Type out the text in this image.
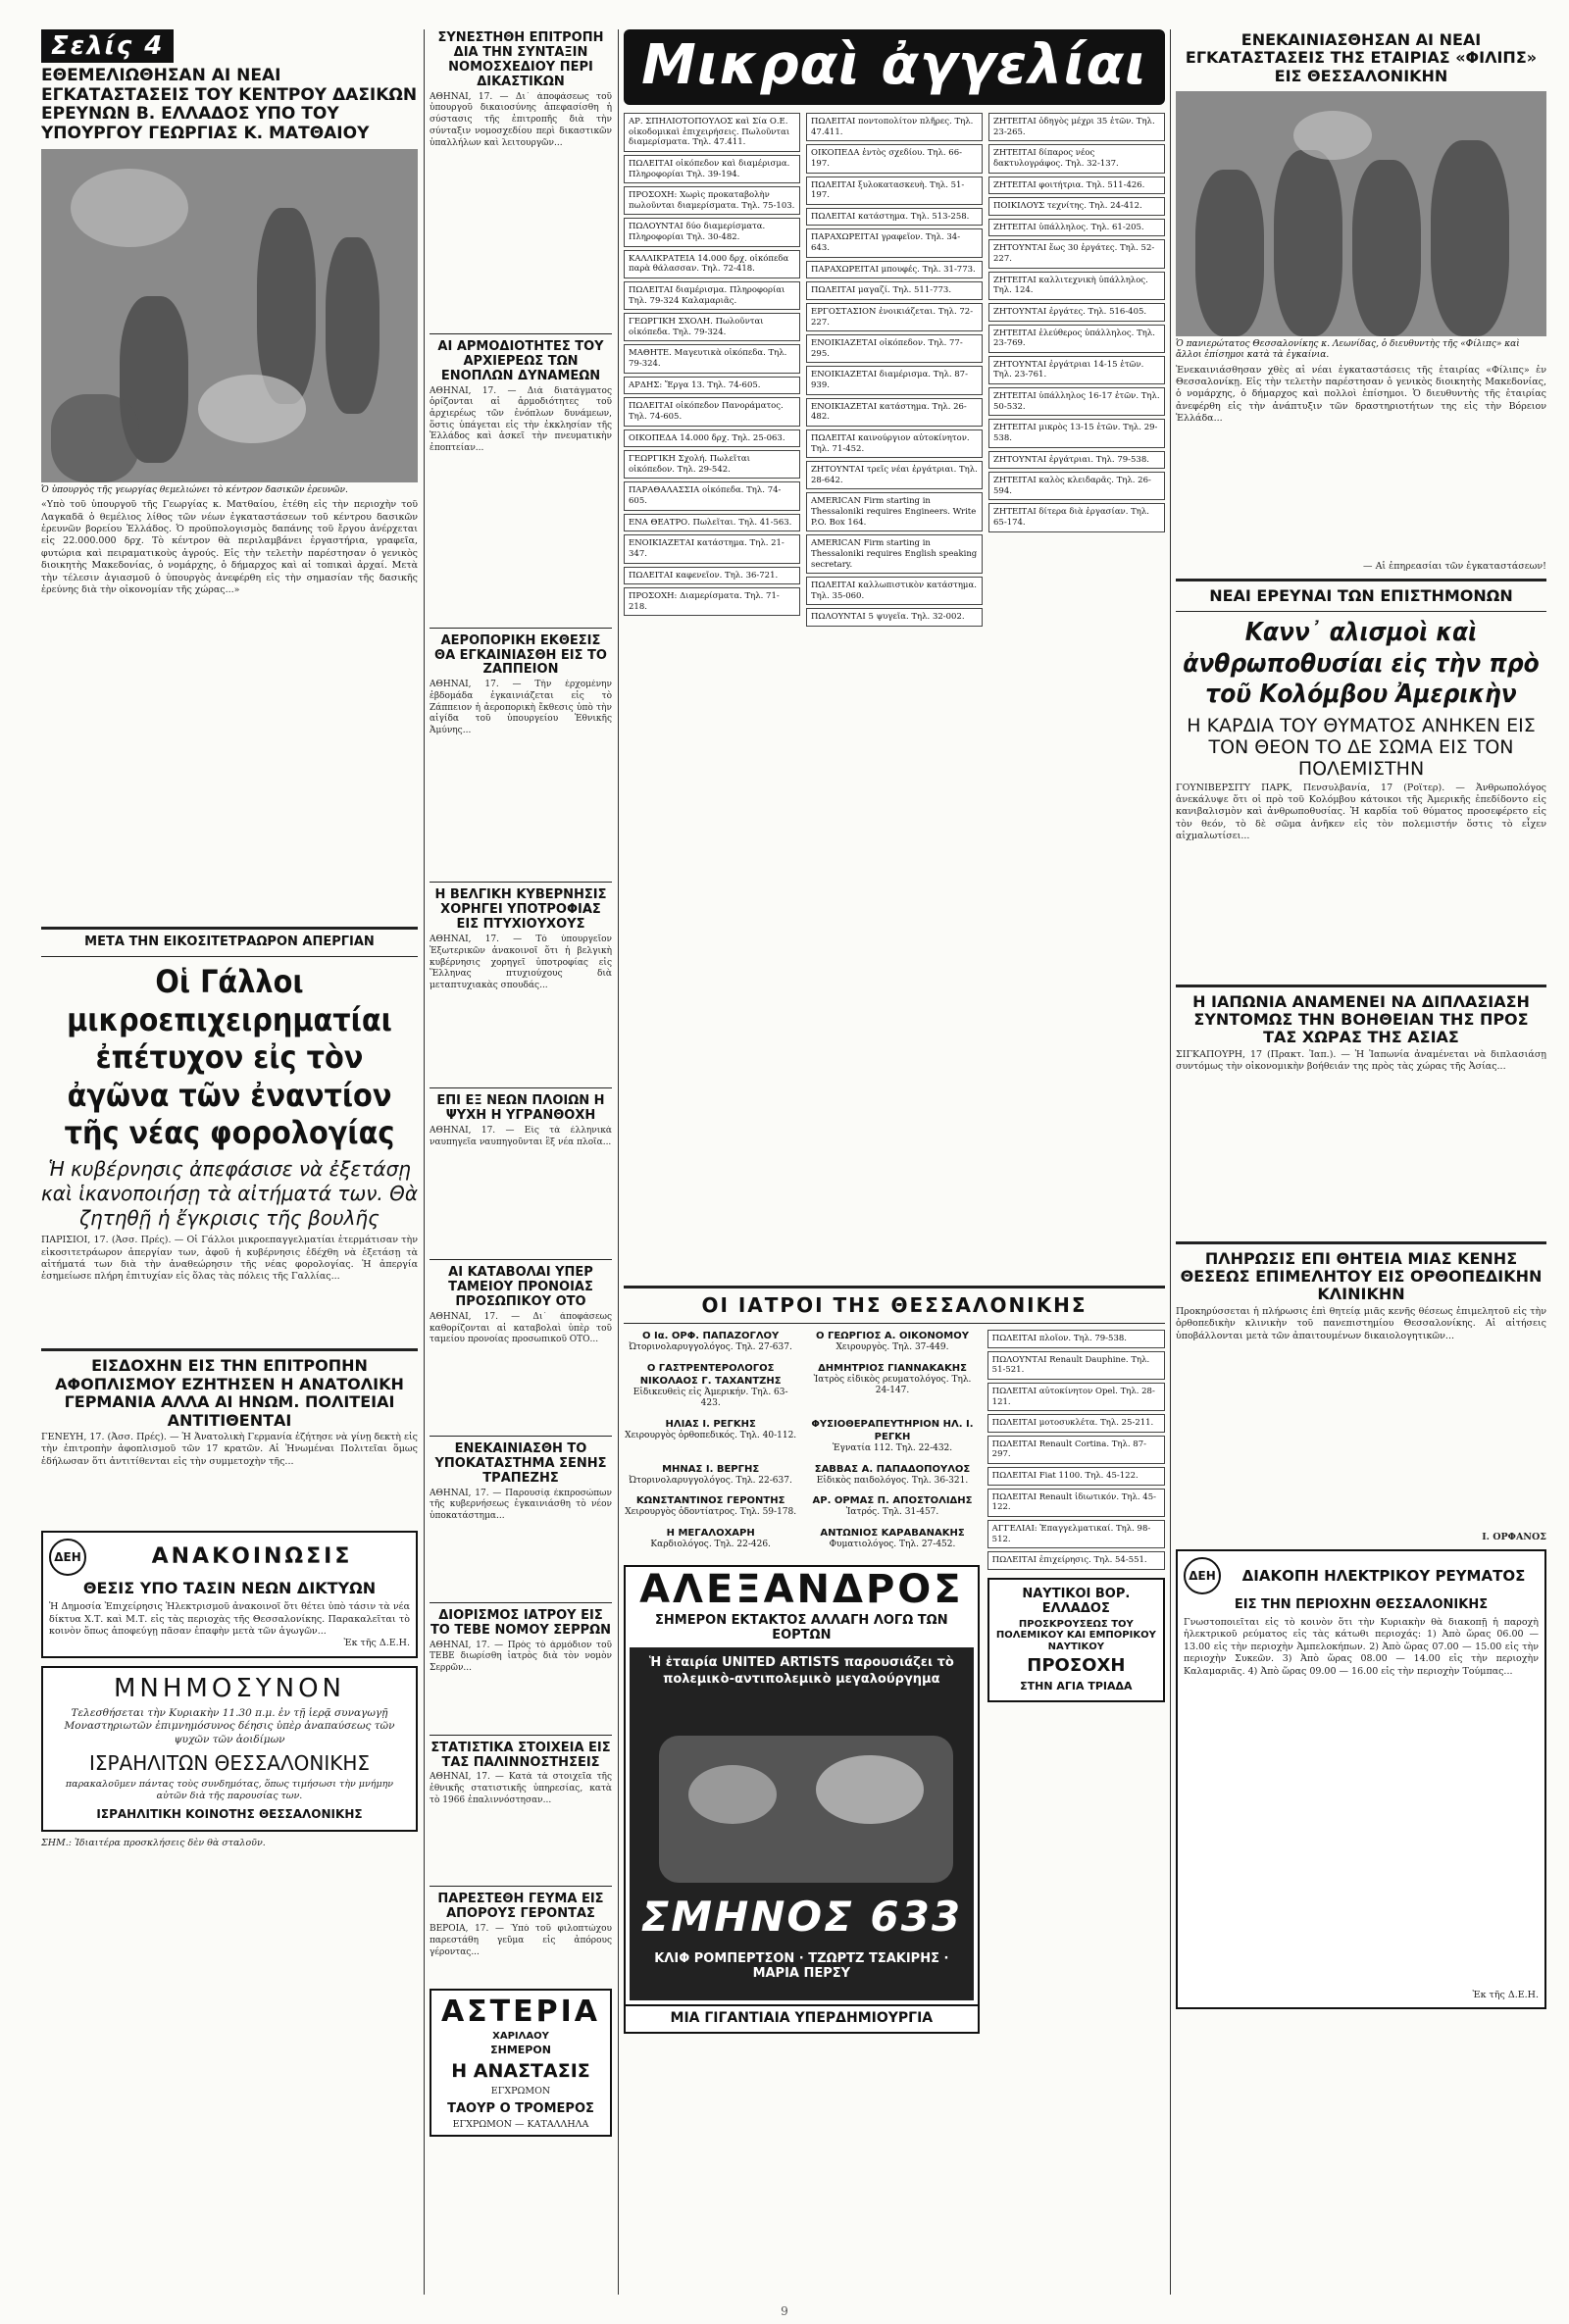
Σελίς 4
ΕΘΕΜΕΛΙΩΘΗΣΑΝ ΑΙ ΝΕΑΙ ΕΓΚΑΤΑΣΤΑΣΕΙΣ ΤΟΥ ΚΕΝΤΡΟΥ ΔΑΣΙΚΩΝ ΕΡΕΥΝΩΝ Β. ΕΛΛΑΔΟΣ ΥΠΟ ΤΟΥ ΥΠΟΥΡΓΟΥ ΓΕΩΡΓΙΑΣ Κ. ΜΑΤΘΑΙΟΥ
Ὁ ὑπουργὸς τῆς γεωργίας θεμελιώνει τὸ κέντρον δασικῶν ἐρευνῶν.
«Υπὸ τοῦ ὑπουργοῦ τῆς Γεωργίας κ. Ματθαίου, ἐτέθη εἰς τὴν περιοχὴν τοῦ Λαγκαδᾶ ὁ θεμέλιος λίθος τῶν νέων ἐγκαταστάσεων τοῦ κέντρου δασικῶν ἐρευνῶν βορείου Ἑλλάδος. Ὁ προϋπολογισμὸς δαπάνης τοῦ ἔργου ἀνέρχεται εἰς 22.000.000 δρχ. Τὸ κέντρον θὰ περιλαμβάνει ἐργαστήρια, γραφεῖα, φυτώρια καὶ πειραματικοὺς ἀγρούς. Εἰς τὴν τελετὴν παρέστησαν ὁ γενικὸς διοικητὴς Μακεδονίας, ὁ νομάρχης, ὁ δήμαρχος καὶ αἱ τοπικαὶ ἀρχαί. Μετὰ τὴν τέλεσιν ἁγιασμοῦ ὁ ὑπουργὸς ἀνεφέρθη εἰς τὴν σημασίαν τῆς δασικῆς ἐρεύνης διὰ τὴν οἰκονομίαν τῆς χώρας...»
ΜΕΤΑ ΤΗΝ ΕΙΚΟΣΙΤΕΤΡΑΩΡΟΝ ΑΠΕΡΓΙΑΝ
Οἱ Γάλλοι μικροεπιχειρηματίαι ἐπέτυχον εἰς τὸν ἀγῶνα τῶν ἐναντίον τῆς νέας φορολογίας
Ἡ κυβέρνησις ἀπεφάσισε νὰ ἐξετάσῃ καὶ ἱκανοποιήσῃ τὰ αἰτήματά των. Θὰ ζητηθῇ ἡ ἔγκρισις τῆς βουλῆς
ΠΑΡΙΣΙΟΙ, 17. (Ἀσσ. Πρές). — Οἱ Γάλλοι μικροεπαγγελματίαι ἐτερμάτισαν τὴν εἰκοσιτετράωρον ἀπεργίαν των, ἀφοῦ ἡ κυβέρνησις ἐδέχθη νὰ ἐξετάσῃ τὰ αἰτήματά των διὰ τὴν ἀναθεώρησιν τῆς νέας φορολογίας. Ἡ ἀπεργία ἐσημείωσε πλήρη ἐπιτυχίαν εἰς ὅλας τὰς πόλεις τῆς Γαλλίας...
ΕΙΣΔΟΧΗΝ ΕΙΣ ΤΗΝ ΕΠΙΤΡΟΠΗΝ ΑΦΟΠΛΙΣΜΟΥ ΕΖΗΤΗΣΕΝ Η ΑΝΑΤΟΛΙΚΗ ΓΕΡΜΑΝΙΑ ΑΛΛΑ ΑΙ ΗΝΩΜ. ΠΟΛΙΤΕΙΑΙ ΑΝΤΙΤΙΘΕΝΤΑΙ
ΓΕΝΕΥΗ, 17. (Ἀσσ. Πρές). — Ἡ Ἀνατολικὴ Γερμανία ἐζήτησε νὰ γίνῃ δεκτὴ εἰς τὴν ἐπιτροπὴν ἀφοπλισμοῦ τῶν 17 κρατῶν. Αἱ Ἡνωμέναι Πολιτεῖαι ὅμως ἐδήλωσαν ὅτι ἀντιτίθενται εἰς τὴν συμμετοχὴν τῆς...
ΔΕΗ	ΑΝΑΚΟΙΝΩΣΙΣ
ΘΕΣΙΣ ΥΠΟ ΤΑΣΙΝ ΝΕΩΝ ΔΙΚΤΥΩΝ
Ἡ Δημοσία Ἐπιχείρησις Ἠλεκτρισμοῦ ἀνακοινοῖ ὅτι θέτει ὑπὸ τάσιν τὰ νέα δίκτυα Χ.Τ. καὶ Μ.Τ. εἰς τὰς περιοχὰς τῆς Θεσσαλονίκης. Παρακαλεῖται τὸ κοινὸν ὅπως ἀποφεύγῃ πᾶσαν ἐπαφὴν μετὰ τῶν ἀγωγῶν...
Ἐκ τῆς Δ.Ε.Η.
ΜΝΗΜΟΣΥΝΟΝ
Τελεσθήσεται τὴν Κυριακὴν 11.30 π.μ. ἐν τῇ ἱερᾷ συναγωγῇ Μοναστηριωτῶν ἐπιμνημόσυνος δέησις ὑπὲρ ἀναπαύσεως τῶν ψυχῶν τῶν ἀοιδίμων
ΙΣΡΑΗΛΙΤΩΝ ΘΕΣΣΑΛΟΝΙΚΗΣ
παρακαλοῦμεν πάντας τοὺς συνδημότας, ὅπως τιμήσωσι τὴν μνήμην αὐτῶν διὰ τῆς παρουσίας των.
ΙΣΡΑΗΛΙΤΙΚΗ ΚΟΙΝΟΤΗΣ ΘΕΣΣΑΛΟΝΙΚΗΣ
ΣΗΜ.: Ἰδιαιτέρα προσκλήσεις δὲν θὰ σταλοῦν.
ΣΥΝΕΣΤΗΘΗ ΕΠΙΤΡΟΠΗ ΔΙΑ ΤΗΝ ΣΥΝΤΑΞΙΝ ΝΟΜΟΣΧΕΔΙΟΥ ΠΕΡΙ ΔΙΚΑΣΤΙΚΩΝ
ΑΘΗΝΑΙ, 17. — Δι᾽ ἀποφάσεως τοῦ ὑπουργοῦ δικαιοσύνης ἀπεφασίσθη ἡ σύστασις τῆς ἐπιτροπῆς διὰ τὴν σύνταξιν νομοσχεδίου περὶ δικαστικῶν ὑπαλλήλων καὶ λειτουργῶν...
ΑΙ ΑΡΜΟΔΙΟΤΗΤΕΣ ΤΟΥ ΑΡΧΙΕΡΕΩΣ ΤΩΝ ΕΝΟΠΛΩΝ ΔΥΝΑΜΕΩΝ
ΑΘΗΝΑΙ, 17. — Διὰ διατάγματος ὁρίζονται αἱ ἁρμοδιότητες τοῦ ἀρχιερέως τῶν ἐνόπλων δυνάμεων, ὅστις ὑπάγεται εἰς τὴν ἐκκλησίαν τῆς Ἑλλάδος καὶ ἀσκεῖ τὴν πνευματικὴν ἐποπτείαν...
ΑΕΡΟΠΟΡΙΚΗ ΕΚΘΕΣΙΣ ΘΑ ΕΓΚΑΙΝΙΑΣΘΗ ΕΙΣ ΤΟ ΖΑΠΠΕΙΟΝ
ΑΘΗΝΑΙ, 17. — Τὴν ἐρχομένην ἑβδομάδα ἐγκαινιάζεται εἰς τὸ Ζάππειον ἡ ἀεροπορικὴ ἔκθεσις ὑπὸ τὴν αἰγίδα τοῦ ὑπουργείου Ἐθνικῆς Ἀμύνης...
Η ΒΕΛΓΙΚΗ ΚΥΒΕΡΝΗΣΙΣ ΧΟΡΗΓΕΙ ΥΠΟΤΡΟΦΙΑΣ ΕΙΣ ΠΤΥΧΙΟΥΧΟΥΣ
ΑΘΗΝΑΙ, 17. — Τὸ ὑπουργεῖον Ἐξωτερικῶν ἀνακοινοῖ ὅτι ἡ βελγικὴ κυβέρνησις χορηγεῖ ὑποτροφίας εἰς Ἕλληνας πτυχιούχους διὰ μεταπτυχιακὰς σπουδάς...
ΕΠΙ ΕΞ ΝΕΩΝ ΠΛΟΙΩΝ Η ΨΥΧΗ Η ΥΓΡΑΝΘΟΧΗ
ΑΘΗΝΑΙ, 17. — Εἰς τὰ ἐλληνικὰ ναυπηγεῖα ναυπηγοῦνται ἓξ νέα πλοῖα...
ΑΙ ΚΑΤΑΒΟΛΑΙ ΥΠΕΡ ΤΑΜΕΙΟΥ ΠΡΟΝΟΙΑΣ ΠΡΟΣΩΠΙΚΟΥ ΟΤΟ
ΑΘΗΝΑΙ, 17. — Δι᾽ ἀποφάσεως καθορίζονται αἱ καταβολαὶ ὑπὲρ τοῦ ταμείου προνοίας προσωπικοῦ ΟΤΟ...
ΕΝΕΚΑΙΝΙΑΣΘΗ ΤΟ ΥΠΟΚΑΤΑΣΤΗΜΑ ΣΕΝΗΣ ΤΡΑΠΕΖΗΣ
ΑΘΗΝΑΙ, 17. — Παρουσίᾳ ἐκπροσώπων τῆς κυβερνήσεως ἐγκαινιάσθη τὸ νέον ὑποκατάστημα...
ΔΙΟΡΙΣΜΟΣ ΙΑΤΡΟΥ ΕΙΣ ΤΟ ΤΕΒΕ ΝΟΜΟΥ ΣΕΡΡΩΝ
ΑΘΗΝΑΙ, 17. — Πρὸς τὸ ἀρμόδιον τοῦ ΤΕΒΕ διωρίσθη ἰατρὸς διὰ τὸν νομὸν Σερρῶν...
ΣΤΑΤΙΣΤΙΚΑ ΣΤΟΙΧΕΙΑ ΕΙΣ ΤΑΣ ΠΑΛΙΝΝΟΣΤΗΣΕΙΣ
ΑΘΗΝΑΙ, 17. — Κατὰ τὰ στοιχεῖα τῆς ἐθνικῆς στατιστικῆς ὑπηρεσίας, κατὰ τὸ 1966 ἐπαλιννόστησαν...
ΠΑΡΕΣΤΕΘΗ ΓΕΥΜΑ ΕΙΣ ΑΠΟΡΟΥΣ ΓΕΡΟΝΤΑΣ
ΒΕΡΟΙΑ, 17. — Ὑπὸ τοῦ φιλοπτώχου παρεστάθη γεῦμα εἰς ἀπόρους γέροντας...
ΑΣΤΕΡΙΑ
ΧΑΡΙΛΑΟΥ
ΣΗΜΕΡΟΝ
Η ΑΝΑΣΤΑΣΙΣ
ΕΓΧΡΩΜΟΝ
ΤΑΟΥΡ Ο ΤΡΟΜΕΡΟΣ
ΕΓΧΡΩΜΟΝ — ΚΑΤΑΛΛΗΛΑ
Μικραὶ ἀγγελίαι
ΑΡ. ΣΠΗΛΙΟΤΟΠΟΥΛΟΣ καὶ Σία Ο.Ε. οἰκοδομικαὶ ἐπιχειρήσεις. Πωλοῦνται διαμερίσματα. Τηλ. 47.411.
ΠΩΛΕΙΤΑΙ οἰκόπεδον καὶ διαμέρισμα. Πληροφορίαι Τηλ. 39-194.
ΠΡΟΣΟΧΗ: Χωρὶς προκαταβολὴν πωλοῦνται διαμερίσματα. Τηλ. 75-103.
ΠΩΛΟΥΝΤΑΙ δύο διαμερίσματα. Πληροφορίαι Τηλ. 30-482.
ΚΑΛΛΙΚΡΑΤΕΙΑ 14.000 δρχ. οἰκόπεδα παρὰ θάλασσαν. Τηλ. 72-418.
ΠΩΛΕΙΤΑΙ διαμέρισμα. Πληροφορίαι Τηλ. 79-324 Καλαμαριᾶς.
ΓΕΩΡΓΙΚΗ ΣΧΟΛΗ. Πωλοῦνται οἰκόπεδα. Τηλ. 79-324.
ΜΑΘΗΤΕ. Μαγευτικὰ οἰκόπεδα. Τηλ. 79-324.
ΑΡΔΗΣ: Ἔργα 13. Τηλ. 74-605.
ΠΩΛΕΙΤΑΙ οἰκόπεδον Πανοράματος. Τηλ. 74-605.
ΟΙΚΟΠΕΔΑ 14.000 δρχ. Τηλ. 25-063.
ΓΕΩΡΓΙΚΗ Σχολή. Πωλεῖται οἰκόπεδον. Τηλ. 29-542.
ΠΑΡΑΘΑΛΑΣΣΙΑ οἰκόπεδα. Τηλ. 74-605.
ΕΝΑ ΘΕΑΤΡΟ. Πωλεῖται. Τηλ. 41-563.
ΕΝΟΙΚΙΑΖΕΤΑΙ κατάστημα. Τηλ. 21-347.
ΠΩΛΕΙΤΑΙ καφενεῖον. Τηλ. 36-721.
ΠΡΟΣΟΧΗ: Διαμερίσματα. Τηλ. 71-218.
ΠΩΛΕΙΤΑΙ ποντοπολίτον πλῆρες. Τηλ. 47.411.
ΟΙΚΟΠΕΔΑ ἐντὸς σχεδίου. Τηλ. 66-197.
ΠΩΛΕΙΤΑΙ ξυλοκατασκευὴ. Τηλ. 51-197.
ΠΩΛΕΙΤΑΙ κατάστημα. Τηλ. 513-258.
ΠΑΡΑΧΩΡΕΙΤΑΙ γραφεῖον. Τηλ. 34-643.
ΠΑΡΑΧΩΡΕΙΤΑΙ μπουφές. Τηλ. 31-773.
ΠΩΛΕΙΤΑΙ μαγαζί. Τηλ. 511-773.
ΕΡΓΟΣΤΑΣΙΟΝ ἐνοικιάζεται. Τηλ. 72-227.
ΕΝΟΙΚΙΑΖΕΤΑΙ οἰκόπεδον. Τηλ. 77-295.
ΕΝΟΙΚΙΑΖΕΤΑΙ διαμέρισμα. Τηλ. 87-939.
ΕΝΟΙΚΙΑΖΕΤΑΙ κατάστημα. Τηλ. 26-482.
ΠΩΛΕΙΤΑΙ καινούργιον αὐτοκίνητον. Τηλ. 71-452.
ΖΗΤΟΥΝΤΑΙ τρεῖς νέαι ἐργάτριαι. Τηλ. 28-642.
AMERICAN Firm starting in Thessaloniki requires Engineers. Write P.O. Box 164.
AMERICAN Firm starting in Thessaloniki requires English speaking secretary.
ΠΩΛΕΙΤΑΙ καλλωπιστικὸν κατάστημα. Τηλ. 35-060.
ΠΩΛΟΥΝΤΑΙ 5 ψυγεῖα. Τηλ. 32-002.
ΖΗΤΕΙΤΑΙ ὁδηγὸς μέχρι 35 ἐτῶν. Τηλ. 23-265.
ΖΗΤΕΙΤΑΙ δίπαρος νέος δακτυλογράφος. Τηλ. 32-137.
ΖΗΤΕΙΤΑΙ φοιτήτρια. Τηλ. 511-426.
ΠΟΙΚΙΛΟΥΣ τεχνίτης. Τηλ. 24-412.
ΖΗΤΕΙΤΑΙ ὑπάλληλος. Τηλ. 61-205.
ΖΗΤΟΥΝΤΑΙ ἕως 30 ἐργάτες. Τηλ. 52-227.
ΖΗΤΕΙΤΑΙ καλλιτεχνικὴ ὑπάλληλος. Τηλ. 124.
ΖΗΤΟΥΝΤΑΙ ἐργάτες. Τηλ. 516-405.
ΖΗΤΕΙΤΑΙ ἐλεύθερος ὑπάλληλος. Τηλ. 23-769.
ΖΗΤΟΥΝΤΑΙ ἐργάτριαι 14-15 ἐτῶν. Τηλ. 23-761.
ΖΗΤΕΙΤΑΙ ὑπάλληλος 16-17 ἐτῶν. Τηλ. 50-532.
ΖΗΤΕΙΤΑΙ μικρὸς 13-15 ἐτῶν. Τηλ. 29-538.
ΖΗΤΟΥΝΤΑΙ ἐργάτριαι. Τηλ. 79-538.
ΖΗΤΕΙΤΑΙ καλὸς κλειδαρᾶς. Τηλ. 26-594.
ΖΗΤΕΙΤΑΙ δίτερα διὰ ἐργασίαν. Τηλ. 65-174.
ΟΙ ΙΑΤΡΟΙ ΤΗΣ ΘΕΣΣΑΛΟΝΙΚΗΣ
Ο Ια. ΟΡΦ. ΠΑΠΑΖΟΓΛΟΥ
Ὠτορινολαρυγγολόγος. Τηλ. 27-637.
Ο ΓΕΩΡΓΙΟΣ Α. ΟΙΚΟΝΟΜΟΥ
Χειρουργὸς. Τηλ. 37-449.
Ο ΓΑΣΤΡΕΝΤΕΡΟΛΟΓΟΣ ΝΙΚΟΛΑΟΣ Γ. ΤΑΧΑΝΤΖΗΣ
Εἰδικευθεὶς εἰς Ἀμερικήν. Τηλ. 63-423.
ΔΗΜΗΤΡΙΟΣ ΓΙΑΝΝΑΚΑΚΗΣ
Ἰατρὸς εἰδικὸς ρευματολόγος. Τηλ. 24-147.
ΗΛΙΑΣ Ι. ΡΕΓΚΗΣ
Χειρουργὸς ὀρθοπεδικός. Τηλ. 40-112.
ΦΥΣΙΟΘΕΡΑΠΕΥΤΗΡΙΟΝ ΗΛ. Ι. ΡΕΓΚΗ
Ἐγνατία 112. Τηλ. 22-432.
ΜΗΝΑΣ Ι. ΒΕΡΓΗΣ
Ὠτορινολαρυγγολόγος. Τηλ. 22-637.
ΣΑΒΒΑΣ Α. ΠΑΠΑΔΟΠΟΥΛΟΣ
Εἰδικὸς παιδολόγος. Τηλ. 36-321.
ΚΩΝΣΤΑΝΤΙΝΟΣ ΓΕΡΟΝΤΗΣ
Χειρουργὸς ὀδοντίατρος. Τηλ. 59-178.
ΑΡ. ΟΡΜΑΣ Π. ΑΠΟΣΤΟΛΙΔΗΣ
Ἰατρός. Τηλ. 31-457.
Η ΜΕΓΑΛΟΧΑΡΗ
Καρδιολόγος. Τηλ. 22-426.
ΑΝΤΩΝΙΟΣ ΚΑΡΑΒΑΝΑΚΗΣ
Φυματιολόγος. Τηλ. 27-452.
ΑΛΕΞΑΝΔΡΟΣ
ΣΗΜΕΡΟΝ ΕΚΤΑΚΤΟΣ ΑΛΛΑΓΗ ΛΟΓΩ ΤΩΝ ΕΟΡΤΩΝ
Ἡ ἑταιρία UNITED ARTISTS παρουσιάζει τὸ πολεμικὸ-αντιπολεμικὸ μεγαλούργημα
ΣΜΗΝΟΣ 633
ΚΛΙΦ ΡΟΜΠΕΡΤΣΟΝ · ΤΖΩΡΤΖ ΤΣΑΚΙΡΗΣ · ΜΑΡΙΑ ΠΕΡΣΥ
ΜΙΑ ΓΙΓΑΝΤΙΑΙΑ ΥΠΕΡΔΗΜΙΟΥΡΓΙΑ
ΠΩΛΕΙΤΑΙ πλοῖον. Τηλ. 79-538.
ΠΩΛΟΥΝΤΑΙ Renault Dauphine. Τηλ. 51-521.
ΠΩΛΕΙΤΑΙ αὐτοκίνητον Opel. Τηλ. 28-121.
ΠΩΛΕΙΤΑΙ μοτοσυκλέτα. Τηλ. 25-211.
ΠΩΛΕΙΤΑΙ Renault Cortina. Τηλ. 87-297.
ΠΩΛΕΙΤΑΙ Fiat 1100. Τηλ. 45-122.
ΠΩΛΕΙΤΑΙ Renault ἰδιωτικόν. Τηλ. 45-122.
ΑΓΓΕΛΙΑΙ: Ἐπαγγελματικαί. Τηλ. 98-512.
ΠΩΛΕΙΤΑΙ ἐπιχείρησις. Τηλ. 54-551.
ΝΑΥΤΙΚΟΙ ΒΟΡ. ΕΛΛΑΔΟΣ
ΠΡΟΣΚΡΟΥΣΕΩΣ ΤΟΥ ΠΟΛΕΜΙΚΟΥ ΚΑΙ ΕΜΠΟΡΙΚΟΥ ΝΑΥΤΙΚΟΥ
ΠΡΟΣΟΧΗ
ΣΤΗΝ ΑΓΙΑ ΤΡΙΑΔΑ
ΕΝΕΚΑΙΝΙΑΣΘΗΣΑΝ ΑΙ ΝΕΑΙ ΕΓΚΑΤΑΣΤΑΣΕΙΣ ΤΗΣ ΕΤΑΙΡΙΑΣ «ΦΙΛΙΠΣ» ΕΙΣ ΘΕΣΣΑΛΟΝΙΚΗΝ
Ὁ πανιερώτατος Θεσσαλονίκης κ. Λεωνίδας, ὁ διευθυντὴς τῆς «Φίλιπς» καὶ ἄλλοι ἐπίσημοι κατὰ τὰ ἐγκαίνια.
Ἐνεκαινιάσθησαν χθὲς αἱ νέαι ἐγκαταστάσεις τῆς ἑταιρίας «Φίλιπς» ἐν Θεσσαλονίκῃ. Εἰς τὴν τελετὴν παρέστησαν ὁ γενικὸς διοικητὴς Μακεδονίας, ὁ νομάρχης, ὁ δήμαρχος καὶ πολλοὶ ἐπίσημοι. Ὁ διευθυντὴς τῆς ἑταιρίας ἀνεφέρθη εἰς τὴν ἀνάπτυξιν τῶν δραστηριοτήτων της εἰς τὴν Βόρειον Ἑλλάδα...
— Αἱ ἐπηρεασίαι τῶν ἐγκαταστάσεων!
ΝΕΑΙ ΕΡΕΥΝΑΙ ΤΩΝ ΕΠΙΣΤΗΜΟΝΩΝ
Κανν᾽ αλισμοὶ καὶ ἀνθρωποθυσίαι εἰς τὴν πρὸ τοῦ Κολόμβου Ἀμερικὴν
Η ΚΑΡΔΙΑ ΤΟΥ ΘΥΜΑΤΟΣ ΑΝΗΚΕΝ ΕΙΣ ΤΟΝ ΘΕΟΝ ΤΟ ΔΕ ΣΩΜΑ ΕΙΣ ΤΟΝ ΠΟΛΕΜΙΣΤΗΝ
ΓΟΥΝΙΒΕΡΣΙΤΥ ΠΑΡΚ, Πενσυλβανία, 17 (Ροϊτερ). — Ἀνθρωπολόγος ἀνεκάλυψε ὅτι οἱ πρὸ τοῦ Κολόμβου κάτοικοι τῆς Ἀμερικῆς ἐπεδίδοντο εἰς κανιβαλισμὸν καὶ ἀνθρωποθυσίας. Ἡ καρδία τοῦ θύματος προσεφέρετο εἰς τὸν θεόν, τὸ δὲ σῶμα ἀνῆκεν εἰς τὸν πολεμιστήν ὅστις τὸ εἶχεν αἰχμαλωτίσει...
Η ΙΑΠΩΝΙΑ ΑΝΑΜΕΝΕΙ ΝΑ ΔΙΠΛΑΣΙΑΣΗ ΣΥΝΤΟΜΩΣ ΤΗΝ ΒΟΗΘΕΙΑΝ ΤΗΣ ΠΡΟΣ ΤΑΣ ΧΩΡΑΣ ΤΗΣ ΑΣΙΑΣ
ΣΙΓΚΑΠΟΥΡΗ, 17 (Πρακτ. Ἰαπ.). — Ἡ Ἰαπωνία ἀναμένεται νὰ διπλασιάσῃ συντόμως τὴν οἰκονομικὴν βοήθειάν της πρὸς τὰς χώρας τῆς Ἀσίας...
ΠΛΗΡΩΣΙΣ ΕΠΙ ΘΗΤΕΙΑ ΜΙΑΣ ΚΕΝΗΣ ΘΕΣΕΩΣ ΕΠΙΜΕΛΗΤΟΥ ΕΙΣ ΟΡΘΟΠΕΔΙΚΗΝ ΚΛΙΝΙΚΗΝ
Προκηρύσσεται ἡ πλήρωσις ἐπὶ θητείᾳ μιᾶς κενῆς θέσεως ἐπιμελητοῦ εἰς τὴν ὀρθοπεδικὴν κλινικὴν τοῦ πανεπιστημίου Θεσσαλονίκης. Αἱ αἰτήσεις ὑποβάλλονται μετὰ τῶν ἀπαιτουμένων δικαιολογητικῶν...
Ι. ΟΡΦΑΝΟΣ
ΔΕΗ	ΔΙΑΚΟΠΗ ΗΛΕΚΤΡΙΚΟΥ ΡΕΥΜΑΤΟΣ
ΕΙΣ ΤΗΝ ΠΕΡΙΟΧΗΝ ΘΕΣΣΑΛΟΝΙΚΗΣ
Γνωστοποιεῖται εἰς τὸ κοινὸν ὅτι τὴν Κυριακὴν θὰ διακοπῇ ἡ παροχὴ ἠλεκτρικοῦ ρεύματος εἰς τὰς κάτωθι περιοχάς: 1) Ἀπὸ ὥρας 06.00 — 13.00 εἰς τὴν περιοχὴν Ἀμπελοκήπων. 2) Ἀπὸ ὥρας 07.00 — 15.00 εἰς τὴν περιοχὴν Συκεῶν. 3) Ἀπὸ ὥρας 08.00 — 14.00 εἰς τὴν περιοχὴν Καλαμαριᾶς. 4) Ἀπὸ ὥρας 09.00 — 16.00 εἰς τὴν περιοχὴν Τούμπας...
Ἐκ τῆς Δ.Ε.Η.
9
